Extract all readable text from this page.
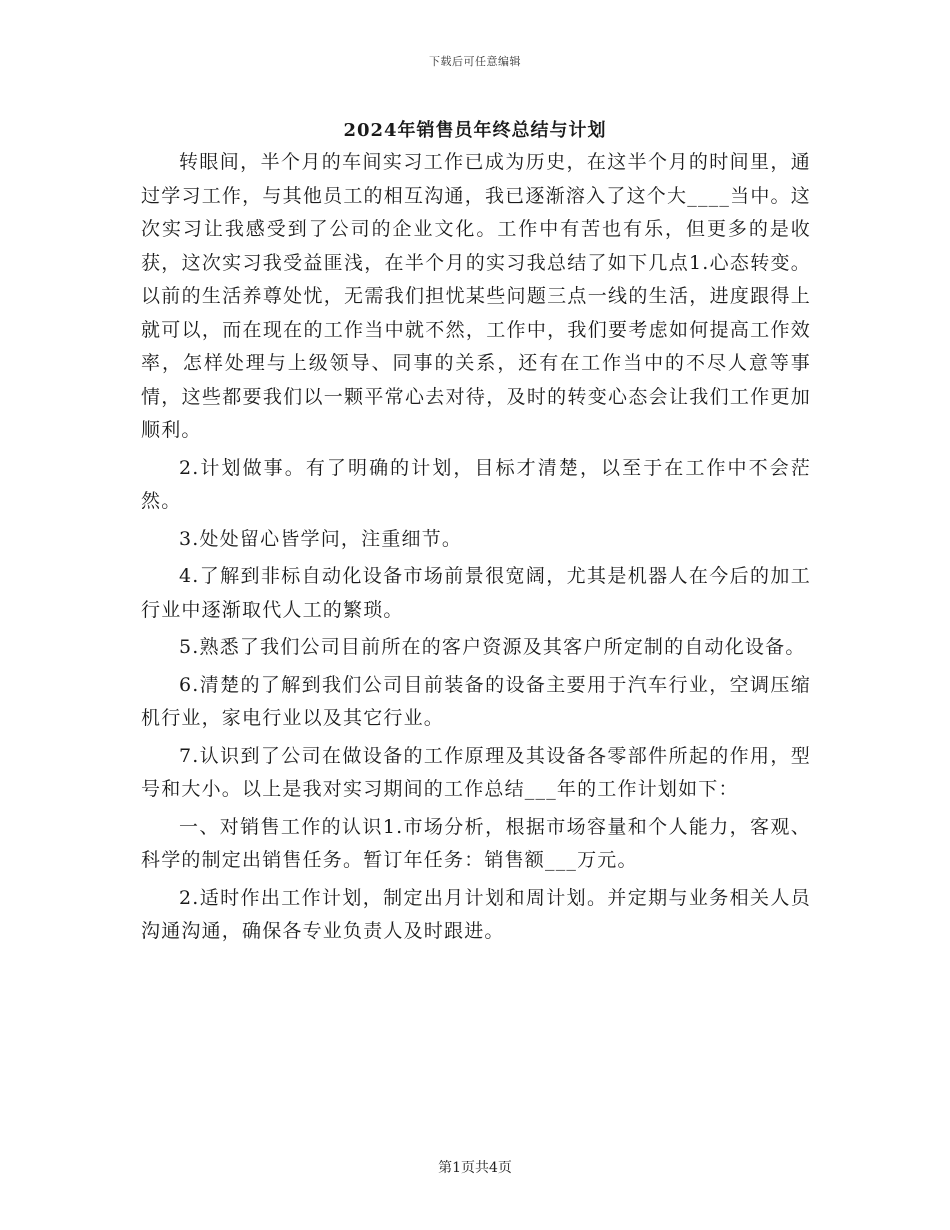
下载后可任意编辑
2024年销售员年终总结与计划

转眼间，半个月的车间实习工作已成为历史，在这半个月的时间里，通过学习工作，与其他员工的相互沟通，我已逐渐溶入了这个大____当中。这次实习让我感受到了公司的企业文化。工作中有苦也有乐，但更多的是收获，这次实习我受益匪浅，在半个月的实习我总结了如下几点1.心态转变。以前的生活养尊处忧，无需我们担忧某些问题三点一线的生活，进度跟得上就可以，而在现在的工作当中就不然，工作中，我们要考虑如何提高工作效率，怎样处理与上级领导、同事的关系，还有在工作当中的不尽人意等事情，这些都要我们以一颗平常心去对待，及时的转变心态会让我们工作更加顺利。

2.计划做事。有了明确的计划，目标才清楚，以至于在工作中不会茫然。

3.处处留心皆学问，注重细节。

4.了解到非标自动化设备市场前景很宽阔，尤其是机器人在今后的加工行业中逐渐取代人工的繁琐。

5.熟悉了我们公司目前所在的客户资源及其客户所定制的自动化设备。

6.清楚的了解到我们公司目前装备的设备主要用于汽车行业，空调压缩机行业，家电行业以及其它行业。

7.认识到了公司在做设备的工作原理及其设备各零部件所起的作用，型号和大小。以上是我对实习期间的工作总结___年的工作计划如下：

一、对销售工作的认识1.市场分析，根据市场容量和个人能力，客观、科学的制定出销售任务。暂订年任务：销售额___万元。

2.适时作出工作计划，制定出月计划和周计划。并定期与业务相关人员沟通沟通，确保各专业负责人及时跟进。

第1页共4页
